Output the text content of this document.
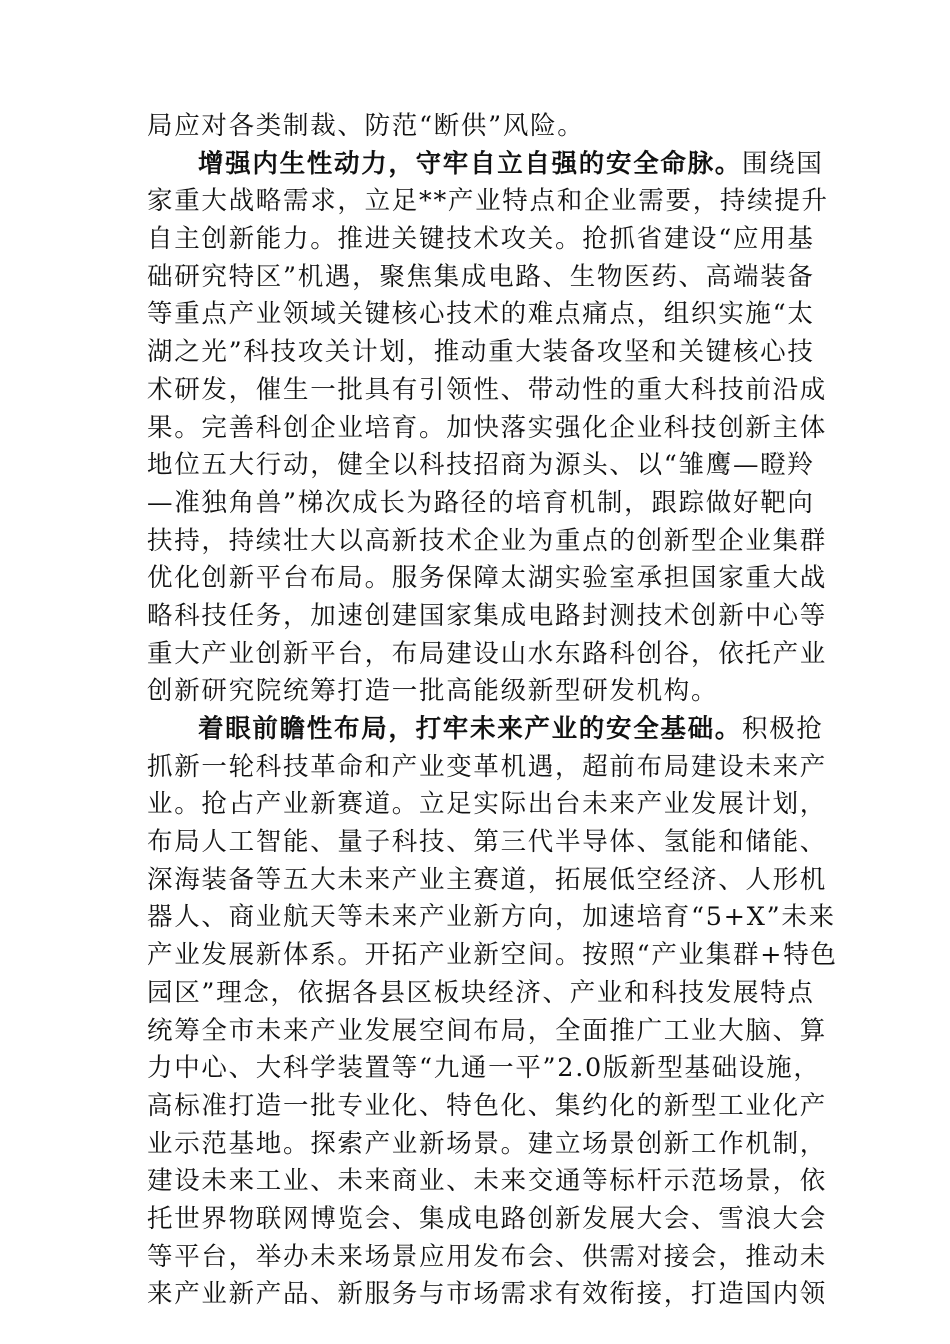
局应对各类制裁、防范“断供”风险。
增强内生性动力，守牢自立自强的安全命脉。围绕国
家重大战略需求，立足**产业特点和企业需要，持续提升
自主创新能力。推进关键技术攻关。抢抓省建设“应用基
础研究特区”机遇，聚焦集成电路、生物医药、高端装备
等重点产业领域关键核心技术的难点痛点，组织实施“太
湖之光”科技攻关计划，推动重大装备攻坚和关键核心技
术研发，催生一批具有引领性、带动性的重大科技前沿成
果。完善科创企业培育。加快落实强化企业科技创新主体
地位五大行动，健全以科技招商为源头、以“雏鹰—瞪羚
—准独角兽”梯次成长为路径的培育机制，跟踪做好靶向
扶持，持续壮大以高新技术企业为重点的创新型企业集群
优化创新平台布局。服务保障太湖实验室承担国家重大战
略科技任务，加速创建国家集成电路封测技术创新中心等
重大产业创新平台，布局建设山水东路科创谷，依托产业
创新研究院统筹打造一批高能级新型研发机构。
着眼前瞻性布局，打牢未来产业的安全基础。积极抢
抓新一轮科技革命和产业变革机遇，超前布局建设未来产
业。抢占产业新赛道。立足实际出台未来产业发展计划，
布局人工智能、量子科技、第三代半导体、氢能和储能、
深海装备等五大未来产业主赛道，拓展低空经济、人形机
器人、商业航天等未来产业新方向，加速培育“5+X”未来
产业发展新体系。开拓产业新空间。按照“产业集群+特色
园区”理念，依据各县区板块经济、产业和科技发展特点
统筹全市未来产业发展空间布局，全面推广工业大脑、算
力中心、大科学装置等“九通一平”2.0版新型基础设施，
高标准打造一批专业化、特色化、集约化的新型工业化产
业示范基地。探索产业新场景。建立场景创新工作机制，
建设未来工业、未来商业、未来交通等标杆示范场景，依
托世界物联网博览会、集成电路创新发展大会、雪浪大会
等平台，举办未来场景应用发布会、供需对接会，推动未
来产业新产品、新服务与市场需求有效衔接，打造国内领
